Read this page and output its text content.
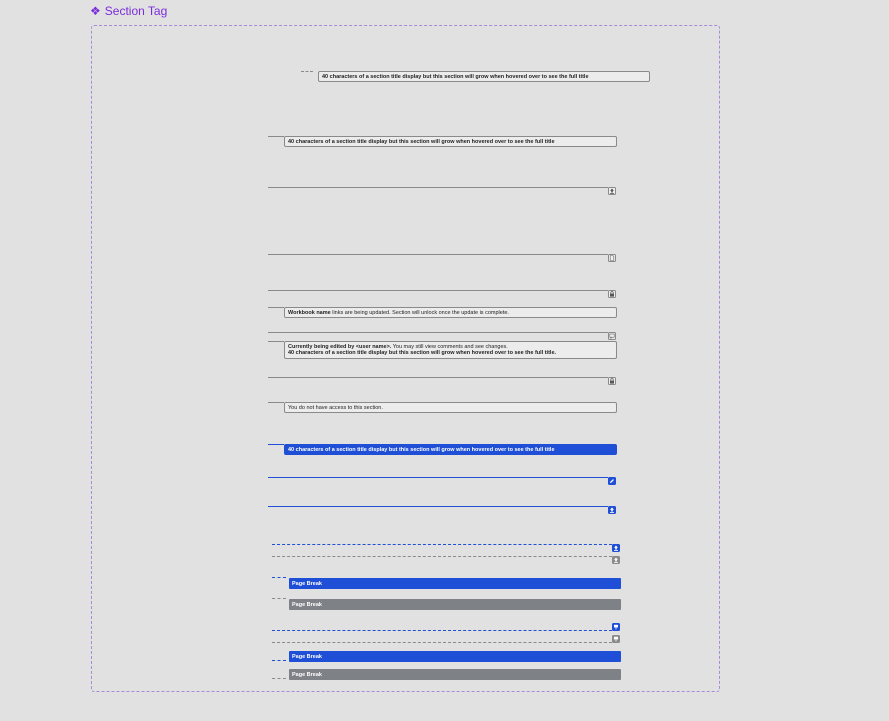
❖ Section Tag
40 characters of a section title display but this section will grow when hovered over to see the full title
40 characters of a section title display but this section will grow when hovered over to see the full title
Workbook name links are being updated. Section will unlock once the update is complete.
Currently being edited by <user name>. You may still view comments and see changes.
40 characters of a section title display but this section will grow when hovered over to see the full title.
You do not have access to this section.
40 characters of a section title display but this section will grow when hovered over to see the full title
Page Break
Page Break
Page Break
Page Break
